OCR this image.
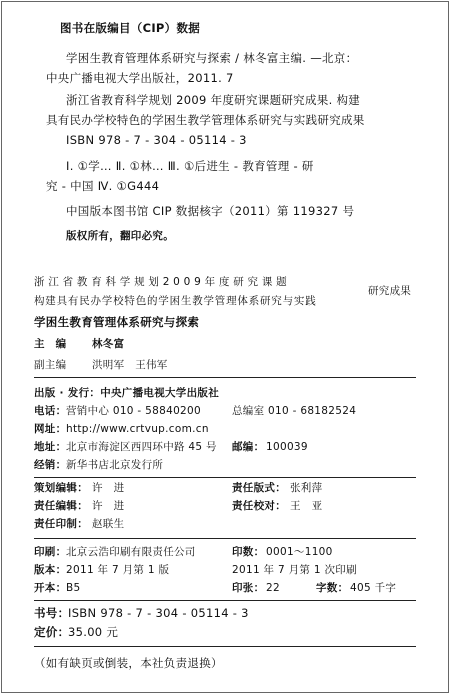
图书在版编目（CIP）数据
学困生教育管理体系研究与探索 / 林冬富主编. —北京：
中央广播电视大学出版社，2011. 7
浙江省教育科学规划 2009 年度研究课题研究成果. 构建
具有民办学校特色的学困生教学管理体系研究与实践研究成果
ISBN 978 - 7 - 304 - 05114 - 3
Ⅰ. ①学… Ⅱ. ①林… Ⅲ. ①后进生 - 教育管理 - 研
究 - 中国 Ⅳ. ①G444
中国版本图书馆 CIP 数据核字（2011）第 119327 号
版权所有，翻印必究。
浙江省教育科学规划2009年度研究课题
构建具有民办学校特色的学困生教学管理体系研究与实践
研究成果
学困生教育管理体系研究与探索
主　编 林冬富
副主编 洪明军　王伟军
出版 · 发行：中央广播电视大学出版社
电话： 营销中心 010 - 58840200	总编室 010 - 68182524
网址： http://www.crtvup.com.cn
地址： 北京市海淀区西四环中路 45 号 邮编： 100039
经销： 新华书店北京发行所
策划编辑： 许　进	责任版式： 张利萍
责任编辑： 许　进	责任校对： 王　亚
责任印制： 赵联生
印刷： 北京云浩印刷有限责任公司	印数： 0001～1100
版本： 2011 年 7 月第 1 版	2011 年 7 月第 1 次印刷
开本： B5	印张： 22	字数： 405 千字
书号：
ISBN 978 - 7 - 304 - 05114 - 3
定价：
35.00 元
（如有缺页或倒装，本社负责退换）
